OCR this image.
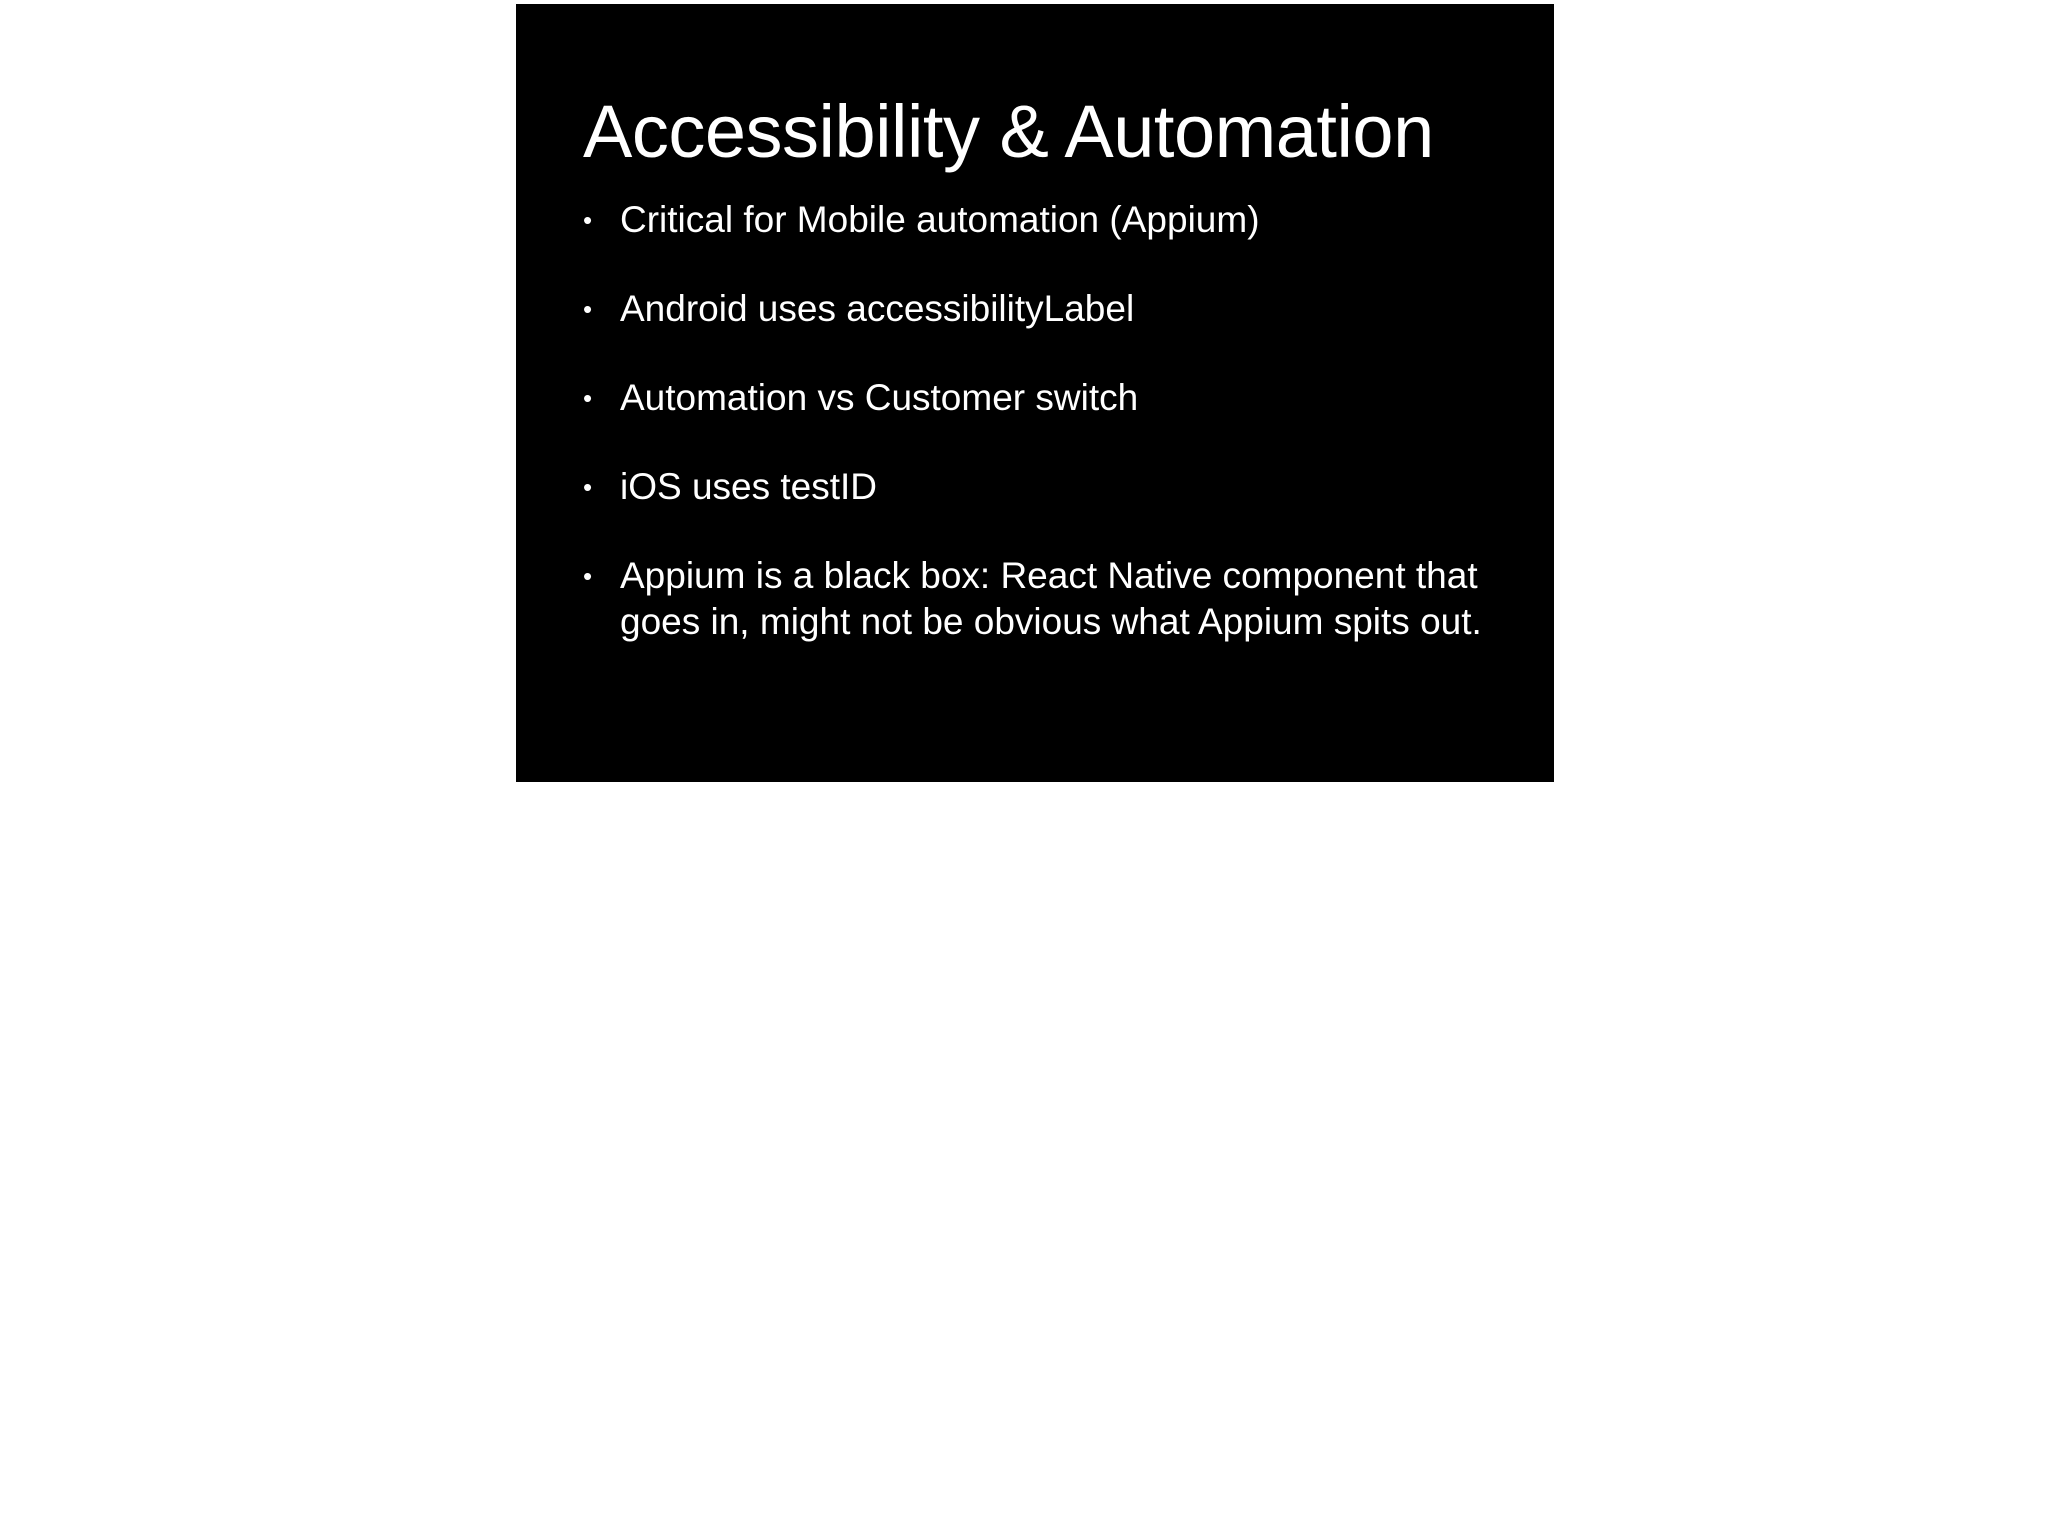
Accessibility & Automation
• Critical for Mobile automation (Appium)
• Android uses accessibilityLabel
• Automation vs Customer switch
• iOS uses testID
• Appium is a black box: React Native component that goes in, might not be obvious what Appium spits out.
